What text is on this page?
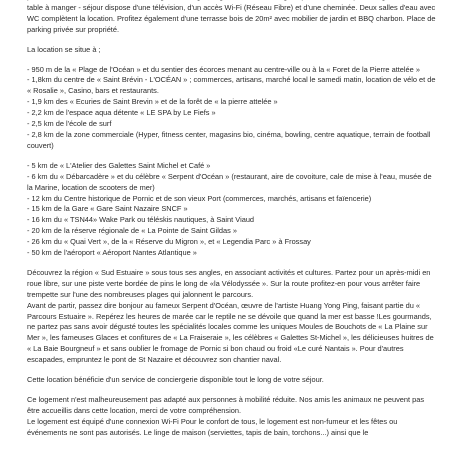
table à manger - séjour dispose d'une télévision, d'un accès Wi-Fi (Réseau Fibre) et d'une cheminée. Deux salles d'eau avec WC complètent la location. Profitez également d'une terrasse bois de 20m² avec mobilier de jardin et BBQ charbon. Place de parking privée sur propriété.

La location se situe à ;

- 950 m de la « Plage de l'Océan » et du sentier des écorces menant au centre-ville ou à la « Foret de la Pierre attelée »

- 1,8km du centre de « Saint Brévin - L'OCÉAN » ; commerces, artisans, marché local le samedi matin, location de vélo et de « Rosalie », Casino, bars et restaurants.

- 1,9 km des « Ecuries de Saint Brevin » et de la forêt de « la pierre attelée »

- 2,2 km de l'espace aqua détente « LE SPA by Le Fiefs »

- 2,5 km de l'école de surf

- 2,8 km de la zone commerciale (Hyper, fitness center, magasins bio, cinéma, bowling, centre aquatique, terrain de football couvert)

- 5 km de « L'Atelier des Galettes Saint Michel et Café »

- 6 km du « Débarcadère » et du célèbre « Serpent d'Océan » (restaurant, aire de covoiture, cale de mise à l'eau, musée de la Marine, location de scooters de mer)

- 12 km du Centre historique de Pornic et de son vieux Port (commerces, marchés, artisans et faïencerie)

- 15 km de la Gare « Gare Saint Nazaire SNCF »

- 16 km du « TSN44» Wake Park ou téléskis nautiques, à Saint Viaud

- 20 km de la réserve régionale de « La Pointe de Saint Gildas »

- 26 km du « Quai Vert », de la « Réserve du Migron », et « Legendia Parc » à Frossay

- 50 km de l'aéroport « Aéroport Nantes Atlantique »

Découvrez la région « Sud Estuaire » sous tous ses angles, en associant activités et cultures. Partez pour un après-midi en roue libre, sur une piste verte bordée de pins le long de «la Vélodyssée ». Sur la route profitez-en pour vous arrêter faire trempette sur l'une des nombreuses plages qui jalonnent le parcours.

Avant de partir, passez dire bonjour au fameux Serpent d'Océan, œuvre de l'artiste Huang Yong Ping, faisant partie du « Parcours Estuaire ». Repérez les heures de marée car le reptile ne se dévoile que quand la mer est basse !Les gourmands, ne partez pas sans avoir dégusté toutes les spécialités locales comme les uniques Moules de Bouchots de « La Plaine sur Mer », les fameuses Glaces et confitures de « La Fraiseraie », les célèbres « Galettes St-Michel », les délicieuses huitres de « La Baie Bourgneuf » et sans oublier le fromage de Pornic si bon chaud ou froid «Le curé Nantais ». Pour d'autres escapades, empruntez le pont de St Nazaire et découvrez son chantier naval.

Cette location bénéficie d'un service de conciergerie disponible tout le long de votre séjour.

Ce logement n'est malheureusement pas adapté aux personnes à mobilité réduite. Nos amis les animaux ne peuvent pas être accueillis dans cette location, merci de votre compréhension.

Le logement est équipé d'une connexion Wi-Fi Pour le confort de tous, le logement est non-fumeur et les fêtes ou événements ne sont pas autorisés. Le linge de maison (serviettes, tapis de bain, torchons...) ainsi que le
